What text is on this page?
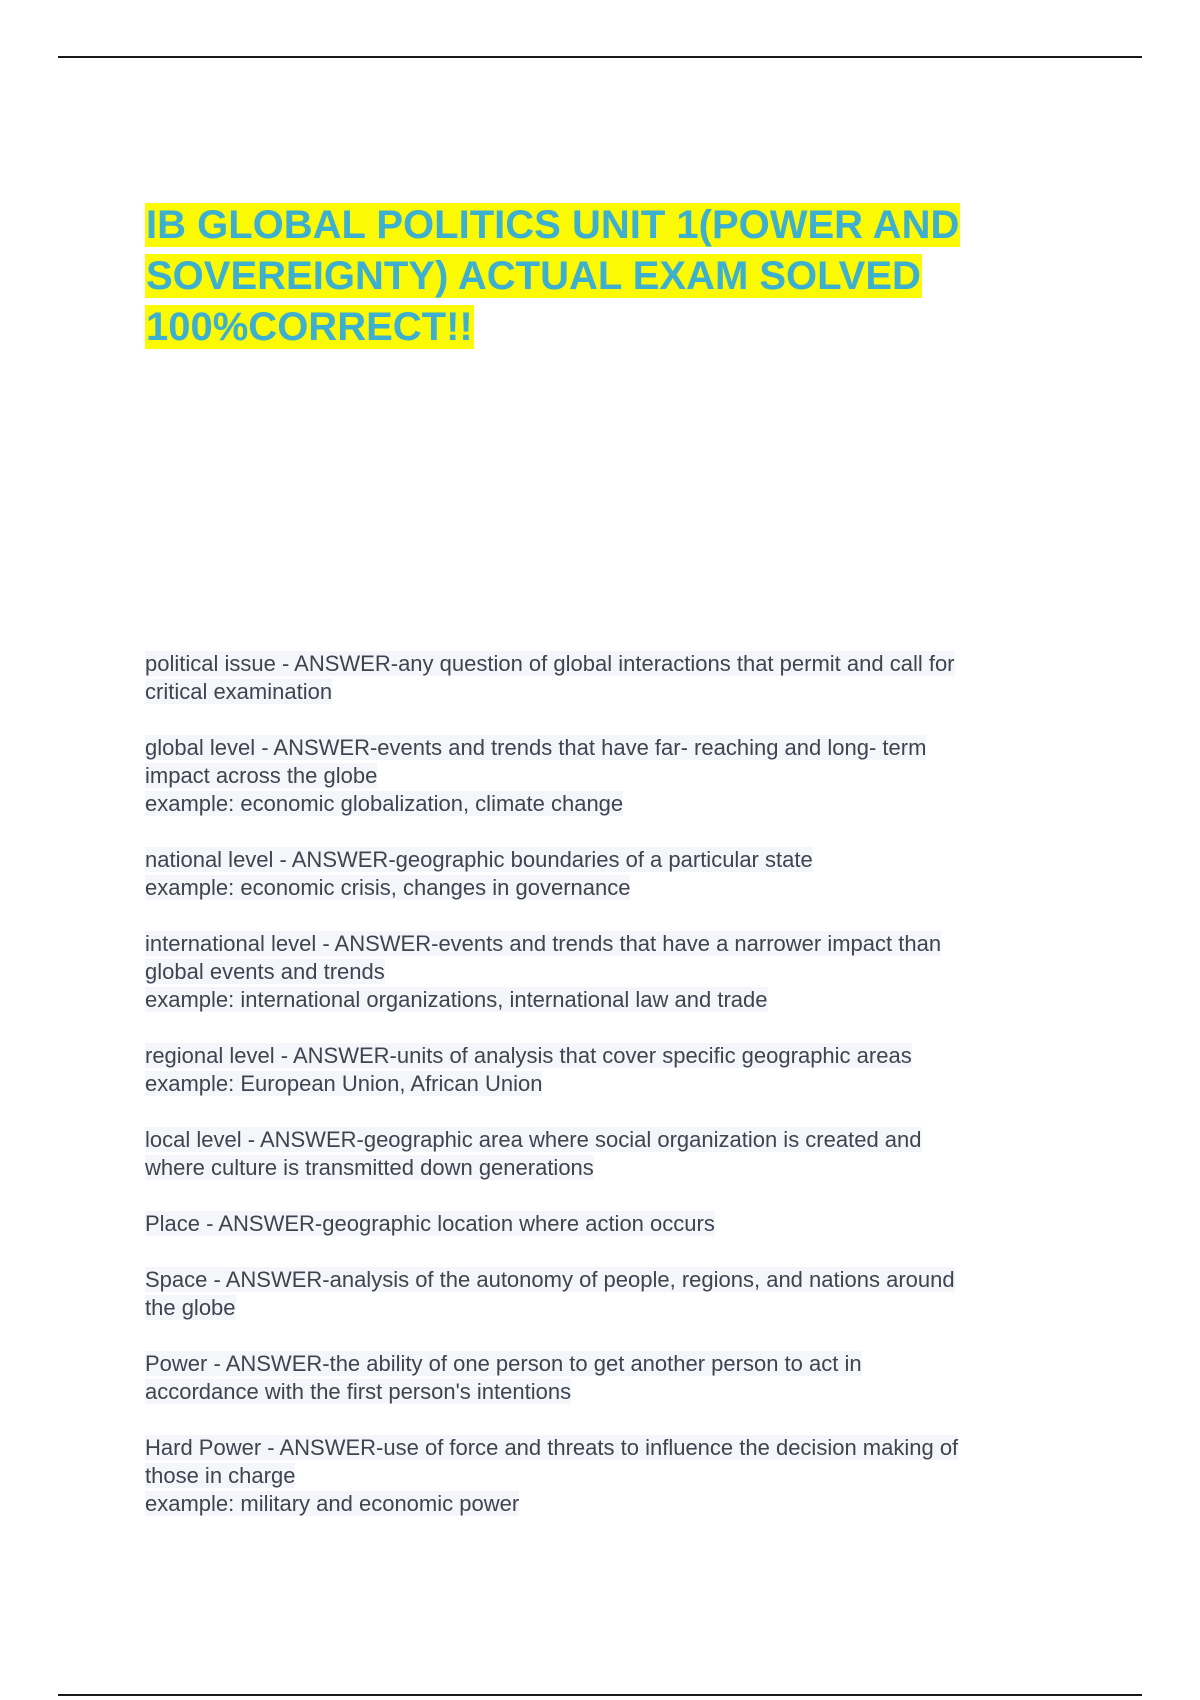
IB GLOBAL POLITICS UNIT 1(POWER AND SOVEREIGNTY) ACTUAL EXAM SOLVED 100%CORRECT!!
political issue - ANSWER-any question of global interactions that permit and call for
critical examination
global level - ANSWER-events and trends that have far- reaching and long- term
impact across the globe
example: economic globalization, climate change
national level - ANSWER-geographic boundaries of a particular state
example: economic crisis, changes in governance
international level - ANSWER-events and trends that have a narrower impact than
global events and trends
example: international organizations, international law and trade
regional level - ANSWER-units of analysis that cover specific geographic areas
example: European Union, African Union
local level - ANSWER-geographic area where social organization is created and
where culture is transmitted down generations
Place - ANSWER-geographic location where action occurs
Space - ANSWER-analysis of the autonomy of people, regions, and nations around
the globe
Power - ANSWER-the ability of one person to get another person to act in
accordance with the first person's intentions
Hard Power - ANSWER-use of force and threats to influence the decision making of
those in charge
example: military and economic power
